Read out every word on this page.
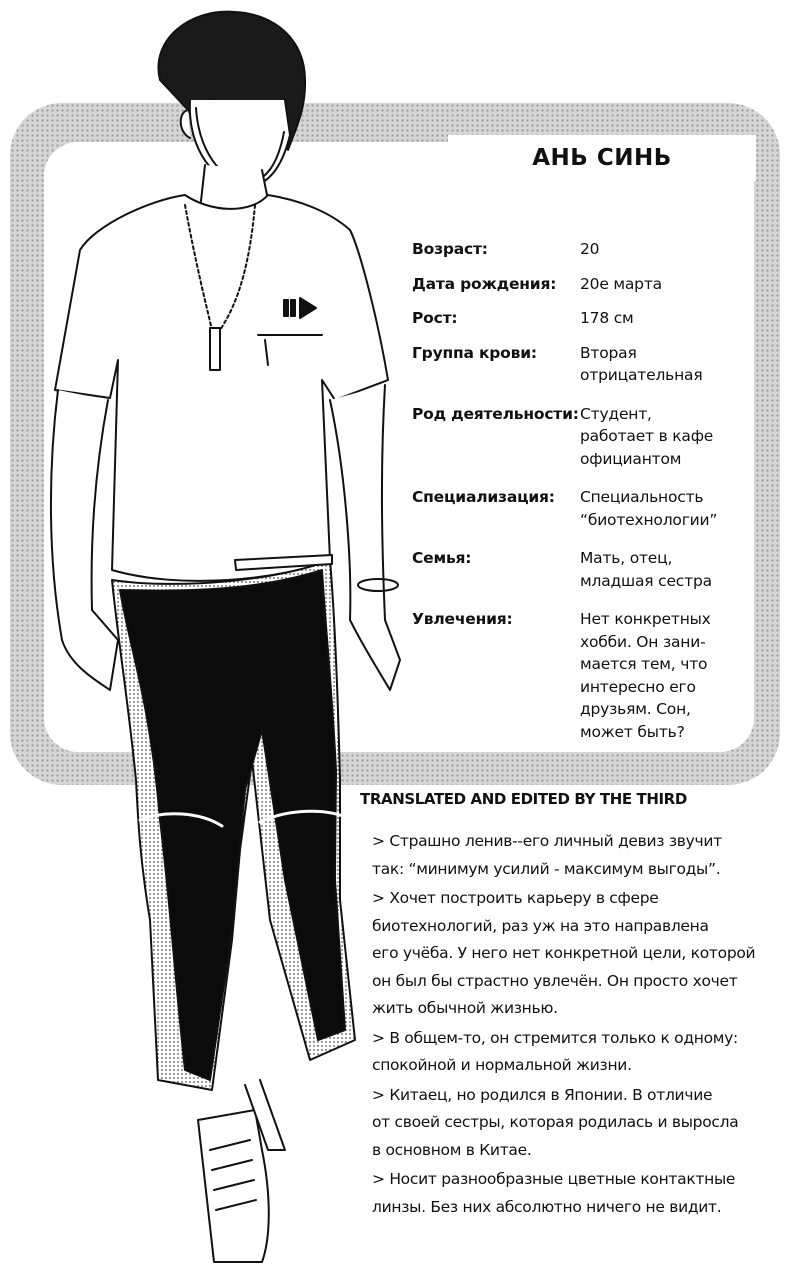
АНЬ СИНЬ
Возраст:	20
Дата рождения:	20е марта
Рост:	178 см
Группа крови:	Вторая
отрицательная
Род деятельности: Студент,
работает в кафе
официантом
Специализация:	Специальность
“биотехнологии”
Семья:	Мать, отец,
младшая сестра
Увлечения:	Нет конкретных
хобби. Он зани-
мается тем, что
интересно его
друзьям. Сон,
может быть?
TRANSLATED AND EDITED BY THE THIRD
> Страшно ленив--его личный девиз звучит
так: “минимум усилий - максимум выгоды”.
> Хочет построить карьеру в сфере
биотехнологий, раз уж на это направлена
его учёба. У него нет конкретной цели, которой
он был бы страстно увлечён. Он просто хочет
жить обычной жизнью.
> В общем-то, он стремится только к одному:
спокойной и нормальной жизни.
> Китаец, но родился в Японии. В отличие
от своей сестры, которая родилась и выросла
в основном в Китае.
> Носит разнообразные цветные контактные
линзы. Без них абсолютно ничего не видит.
